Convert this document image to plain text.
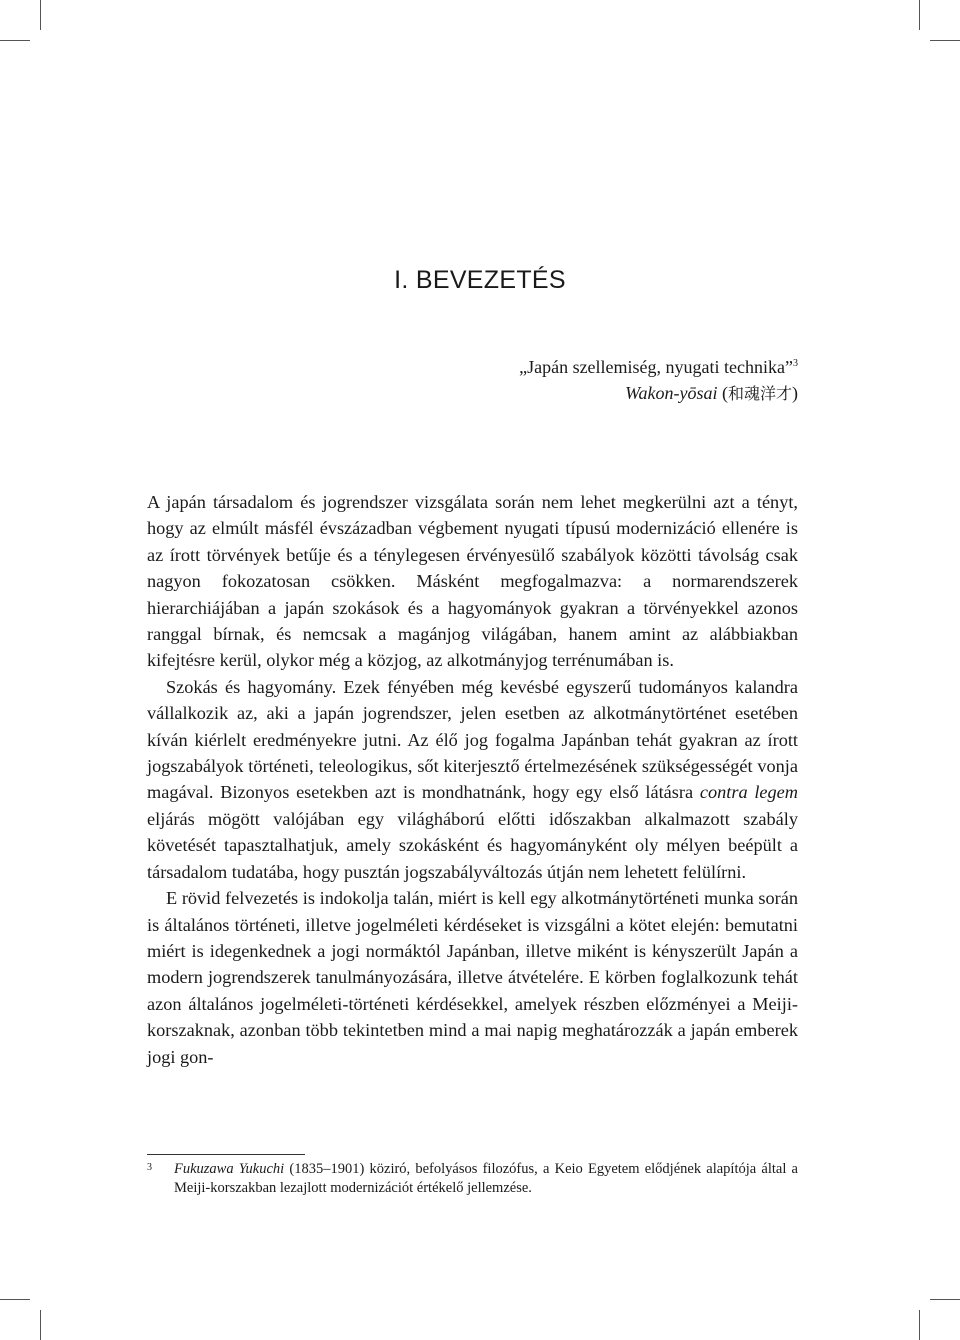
I. BEVEZETÉS
„Japán szellemiség, nyugati technika”$^3$
Wakon-yōsai (和魂洋才)

A japán társadalom és jogrendszer vizsgálata során nem lehet megkerülni azt a tényt, hogy az elmúlt másfél évszázadban végbement nyugati típusú modernizáció ellenére is az írott törvények betűje és a ténylegesen érvényesülő szabályok közötti távolság csak nagyon fokozatosan csökken. Másként megfogalmazva: a normarendszerek hierarchiájában a japán szokások és a hagyományok gyakran a törvényekkel azonos ranggal bírnak, és nemcsak a magánjog világában, hanem amint az alábbiakban kifejtésre kerül, olykor még a közjog, az alkotmányjog terrénumában is.

Szokás és hagyomány. Ezek fényében még kevésbé egyszerű tudományos kalandra vállalkozik az, aki a japán jogrendszer, jelen esetben az alkotmánytörténet esetében kíván kiérlelt eredményekre jutni. Az élő jog fogalma Japánban tehát gyakran az írott jogszabályok történeti, teleologikus, sőt kiterjesztő értelmezésének szükségességét vonja magával. Bizonyos esetekben azt is mondhatnánk, hogy egy első látásra contra legem eljárás mögött valójában egy világháború előtti időszakban alkalmazott szabály követését tapasztalhatjuk, amely szokásként és hagyományként oly mélyen beépült a társadalom tudatába, hogy pusztán jogszabályváltozás útján nem lehetett felülírni.

E rövid felvezetés is indokolja talán, miért is kell egy alkotmánytörténeti munka során is általános történeti, illetve jogelméleti kérdéseket is vizsgálni a kötet elején: bemutatni miért is idegenkednek a jogi normáktól Japánban, illetve miként is kényszerült Japán a modern jogrendszerek tanulmányozására, illetve átvételére. E körben foglalkozunk tehát azon általános jogelméleti-történeti kérdésekkel, amelyek részben előzményei a Meiji-korszaknak, azonban több tekintetben mind a mai napig meghatározzák a japán emberek jogi gon-

3 Fukuzawa Yukuchi (1835–1901) köziró, befolyásos filozófus, a Keio Egyetem elődjének alapítója által a Meiji-korszakban lezajlott modernizációt értékelő jellemzése.
